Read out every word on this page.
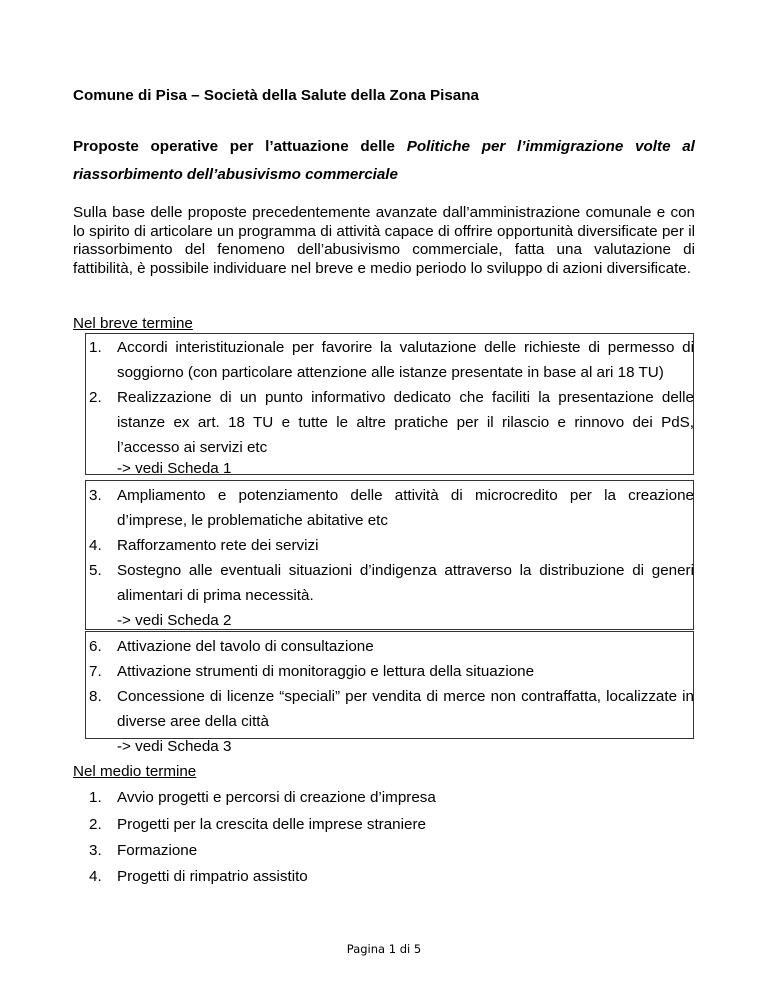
Comune di Pisa – Società della Salute della Zona Pisana
Proposte operative per l’attuazione delle Politiche per l’immigrazione volte al
riassorbimento dell’abusivismo commerciale
Sulla base delle proposte precedentemente avanzate dall’amministrazione comunale e con lo spirito di articolare un programma di attività capace di offrire opportunità diversificate per il riassorbimento del fenomeno dell’abusivismo commerciale, fatta una valutazione di fattibilità, è possibile individuare nel breve e medio periodo lo sviluppo di azioni diversificate.
Nel breve termine
1. Accordi interistituzionale per favorire la valutazione delle richieste di permesso di soggiorno (con particolare attenzione alle istanze presentate in base al ari 18 TU)
2. Realizzazione di un punto informativo dedicato che faciliti la presentazione delle istanze ex art. 18 TU e tutte le altre pratiche per il rilascio e rinnovo dei PdS, l’accesso ai servizi etc
-> vedi Scheda 1
3. Ampliamento e potenziamento delle attività di microcredito per la creazione d’imprese, le problematiche abitative etc
4. Rafforzamento rete dei servizi
5. Sostegno alle eventuali situazioni d’indigenza attraverso la distribuzione di generi alimentari di prima necessità.
-> vedi Scheda 2
6. Attivazione del tavolo di consultazione
7. Attivazione strumenti di monitoraggio e lettura della situazione
8. Concessione di licenze “speciali” per vendita di merce non contraffatta, localizzate in diverse aree della città
-> vedi Scheda 3
Nel medio termine
1. Avvio progetti e percorsi di creazione d’impresa
2. Progetti per la crescita delle imprese straniere
3. Formazione
4. Progetti di rimpatrio assistito
Pagina 1 di 5
